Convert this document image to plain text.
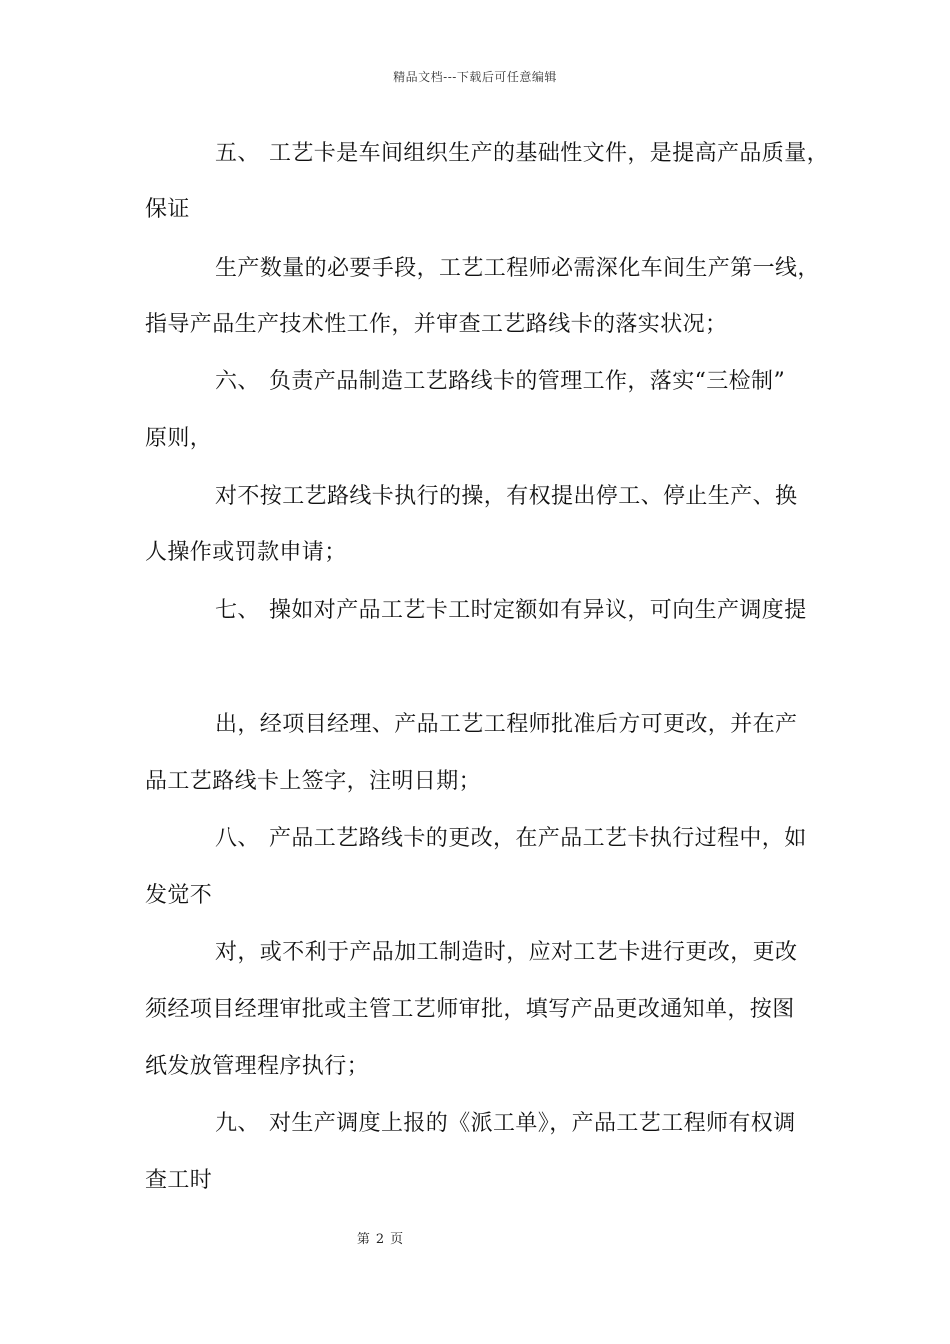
精品文档---下载后可任意编辑
五、 工艺卡是车间组织生产的基础性文件，是提高产品质量，
保证
生产数量的必要手段，工艺工程师必需深化车间生产第一线，
指导产品生产技术性工作，并审查工艺路线卡的落实状况；
六、 负责产品制造工艺路线卡的管理工作，落实“三检制”
原则，
对不按工艺路线卡执行的操，有权提出停工、停止生产、换
人操作或罚款申请；
七、 操如对产品工艺卡工时定额如有异议，可向生产调度提
出，经项目经理、产品工艺工程师批准后方可更改，并在产
品工艺路线卡上签字，注明日期；
八、 产品工艺路线卡的更改，在产品工艺卡执行过程中，如
发觉不
对，或不利于产品加工制造时，应对工艺卡进行更改，更改
须经项目经理审批或主管工艺师审批，填写产品更改通知单，按图
纸发放管理程序执行；
九、 对生产调度上报的《派工单》，产品工艺工程师有权调
查工时
第 2 页
